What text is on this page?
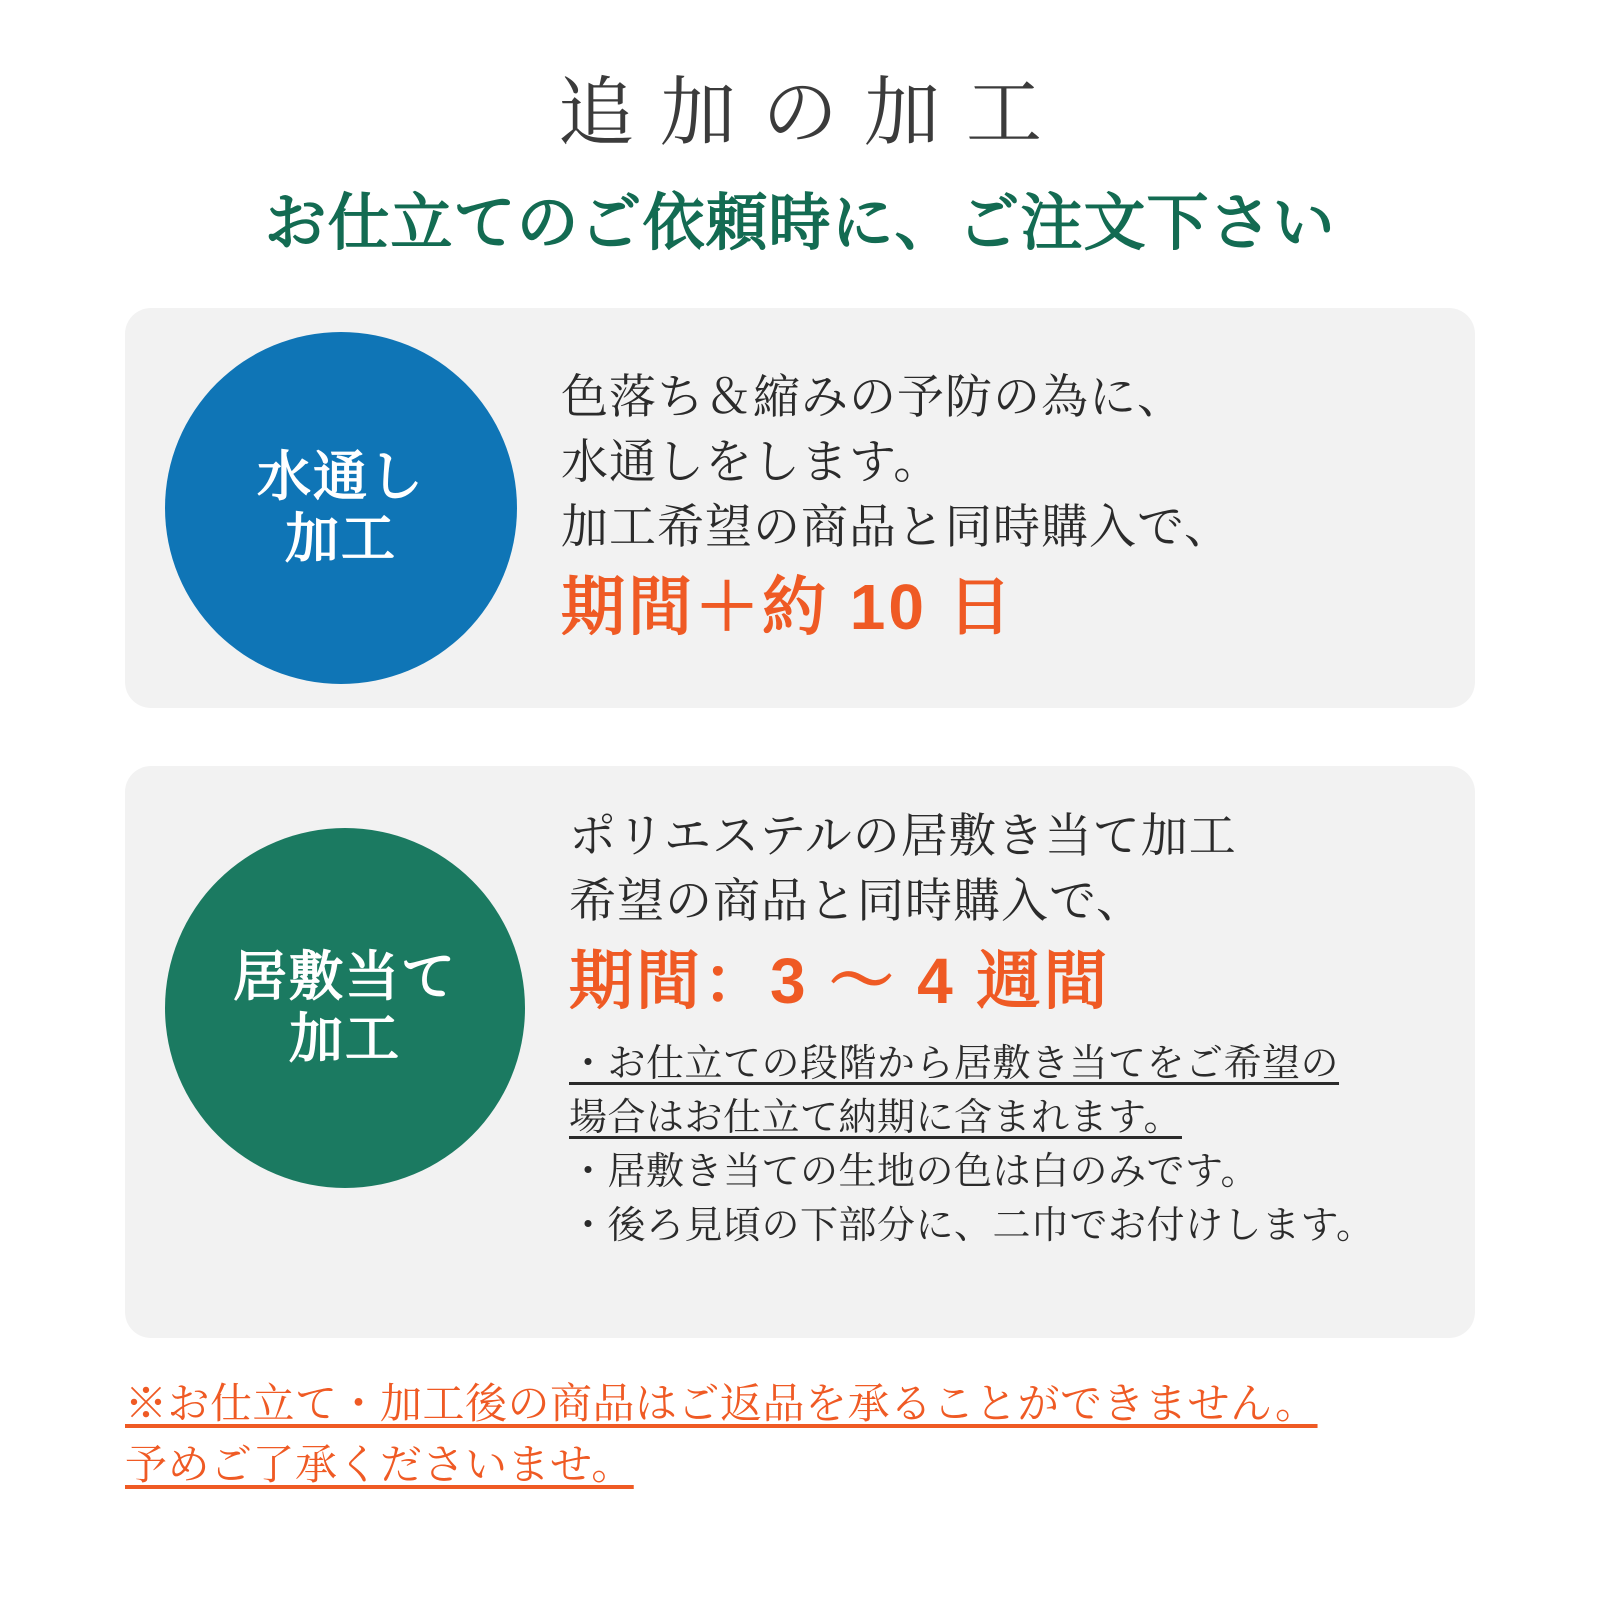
追加の加工
お仕立てのご依頼時に、ご注文下さい
水通し
加工
色落ち＆縮みの予防の為に、
水通しをします。
加工希望の商品と同時購入で、
期間＋約 10 日
居敷当て
加工
ポリエステルの居敷き当て加工
希望の商品と同時購入で、
期間：3 〜 4 週間
・お仕立ての段階から居敷き当てをご希望の
場合はお仕立て納期に含まれます。
・居敷き当ての生地の色は白のみです。
・後ろ見頃の下部分に、二巾でお付けします。
※お仕立て・加工後の商品はご返品を承ることができません。
予めご了承くださいませ。
